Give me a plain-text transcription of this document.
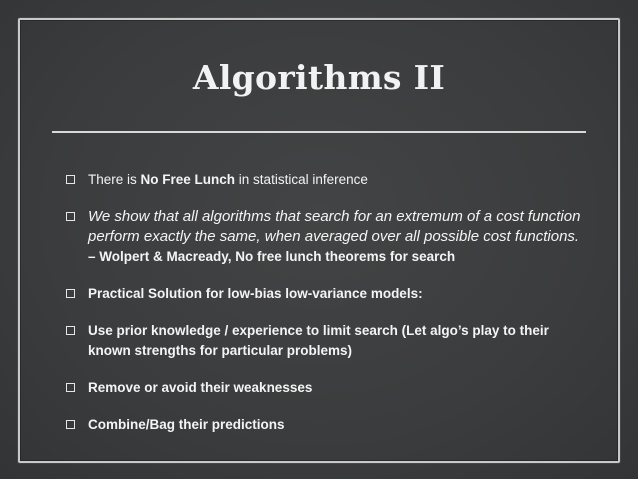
Algorithms II
There is No Free Lunch in statistical inference
We show that all algorithms that search for an extremum of a cost function perform exactly the same, when averaged over all possible cost functions. – Wolpert & Macready, No free lunch theorems for search
Practical Solution for low-bias low-variance models:
Use prior knowledge / experience to limit search (Let algo’s play to their known strengths for particular problems)
Remove or avoid their weaknesses
Combine/Bag their predictions
